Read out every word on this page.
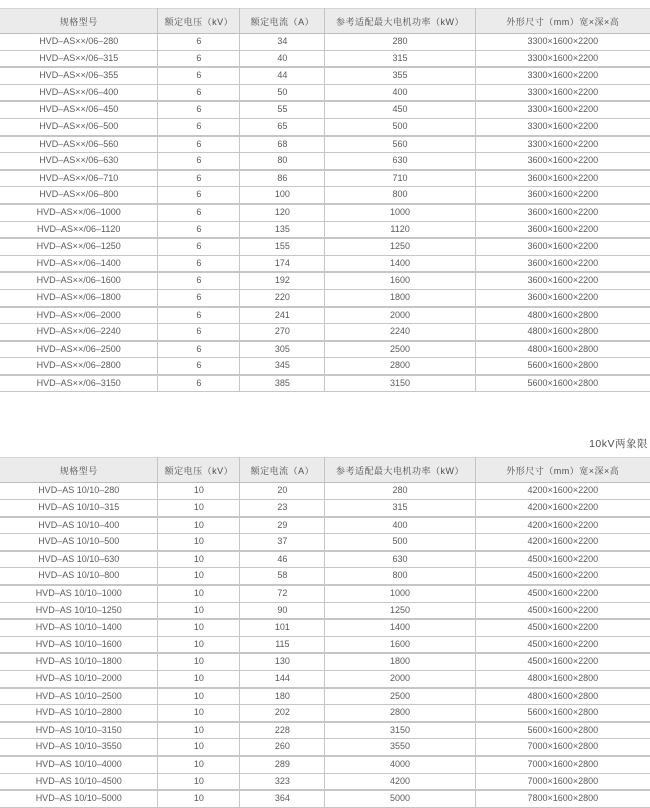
规格型号	额定电压（kV）	额定电流（A）	参考适配最大电机功率（kW）	外形尺寸（mm）宽×深×高
HVD–AS××/06–280	6	34	280	3300×1600×2200
HVD–AS××/06–315	6	40	315	3300×1600×2200
HVD–AS××/06–355	6	44	355	3300×1600×2200
HVD–AS××/06–400	6	50	400	3300×1600×2200
HVD–AS××/06–450	6	55	450	3300×1600×2200
HVD–AS××/06–500	6	65	500	3300×1600×2200
HVD–AS××/06–560	6	68	560	3300×1600×2200
HVD–AS××/06–630	6	80	630	3600×1600×2200
HVD–AS××/06–710	6	86	710	3600×1600×2200
HVD–AS××/06–800	6	100	800	3600×1600×2200
HVD–AS××/06–1000	6	120	1000	3600×1600×2200
HVD–AS××/06–1120	6	135	1120	3600×1600×2200
HVD–AS××/06–1250	6	155	1250	3600×1600×2200
HVD–AS××/06–1400	6	174	1400	3600×1600×2200
HVD–AS××/06–1600	6	192	1600	3600×1600×2200
HVD–AS××/06–1800	6	220	1800	3600×1600×2200
HVD–AS××/06–2000	6	241	2000	4800×1600×2800
HVD–AS××/06–2240	6	270	2240	4800×1600×2800
HVD–AS××/06–2500	6	305	2500	4800×1600×2800
HVD–AS××/06–2800	6	345	2800	5600×1600×2800
HVD–AS××/06–3150	6	385	3150	5600×1600×2800
10kV两象限
规格型号	额定电压（kV）	额定电流（A）	参考适配最大电机功率（kW）	外形尺寸（mm）宽×深×高
HVD–AS 10/10–280	10	20	280	4200×1600×2200
HVD–AS 10/10–315	10	23	315	4200×1600×2200
HVD–AS 10/10–400	10	29	400	4200×1600×2200
HVD–AS 10/10–500	10	37	500	4200×1600×2200
HVD–AS 10/10–630	10	46	630	4500×1600×2200
HVD–AS 10/10–800	10	58	800	4500×1600×2200
HVD–AS 10/10–1000	10	72	1000	4500×1600×2200
HVD–AS 10/10–1250	10	90	1250	4500×1600×2200
HVD–AS 10/10–1400	10	101	1400	4500×1600×2200
HVD–AS 10/10–1600	10	115	1600	4500×1600×2200
HVD–AS 10/10–1800	10	130	1800	4500×1600×2200
HVD–AS 10/10–2000	10	144	2000	4800×1600×2800
HVD–AS 10/10–2500	10	180	2500	4800×1600×2800
HVD–AS 10/10–2800	10	202	2800	5600×1600×2800
HVD–AS 10/10–3150	10	228	3150	5600×1600×2800
HVD–AS 10/10–3550	10	260	3550	7000×1600×2800
HVD–AS 10/10–4000	10	289	4000	7000×1600×2800
HVD–AS 10/10–4500	10	323	4200	7000×1600×2800
HVD–AS 10/10–5000	10	364	5000	7800×1600×2800
